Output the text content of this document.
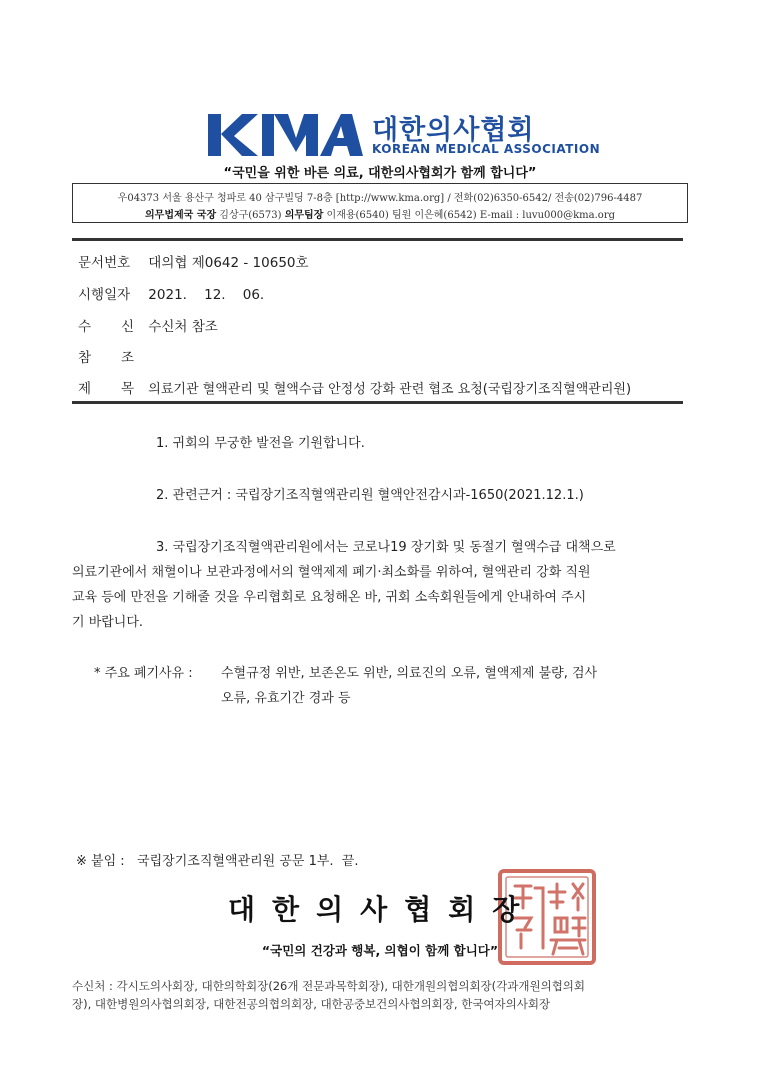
대한의사협회
KOREAN MEDICAL ASSOCIATION
“국민을 위한 바른 의료, 대한의사협회가 함께 합니다”
우04373 서울 용산구 청파로 40 삼구빌딩 7-8층 [http://www.kma.org] / 전화(02)6350-6542/ 전송(02)796-4487
의무법제국 국장 김상구(6573) 의무팀장 이재용(6540) 팀원 이은혜(6542) E-mail : luvu000@kma.org
문서번호 대의협 제0642 - 10650호
시행일자 2021.    12.    06.
수 신 수신처 참조
참 조
제 목 의료기관 혈액관리 및 혈액수급 안정성 강화 관련 협조 요청(국립장기조직혈액관리원)
1. 귀회의 무궁한 발전을 기원합니다.
2. 관련근거 : 국립장기조직혈액관리원 혈액안전감시과-1650(2021.12.1.)
3. 국립장기조직혈액관리원에서는 코로나19 장기화 및 동절기 혈액수급 대책으로
의료기관에서 채혈이나 보관과정에서의 혈액제제 폐기·최소화를 위하여, 혈액관리 강화 직원
교육 등에 만전을 기해줄 것을 우리협회로 요청해온 바, 귀회 소속회원들에게 안내하여 주시
기 바랍니다.
* 주요 폐기사유 : 수혈규정 위반, 보존온도 위반, 의료진의 오류, 혈액제제 불량, 검사
오류, 유효기간 경과 등
※ 붙임 :   국립장기조직혈액관리원 공문 1부.  끝.
대한의사협회장
“국민의 건강과 행복, 의협이 함께 합니다”
수신처 : 각시도의사회장, 대한의학회장(26개 전문과목학회장), 대한개원의협의회장(각과개원의협의회
장), 대한병원의사협의회장, 대한전공의협의회장, 대한공중보건의사협의회장, 한국여자의사회장
